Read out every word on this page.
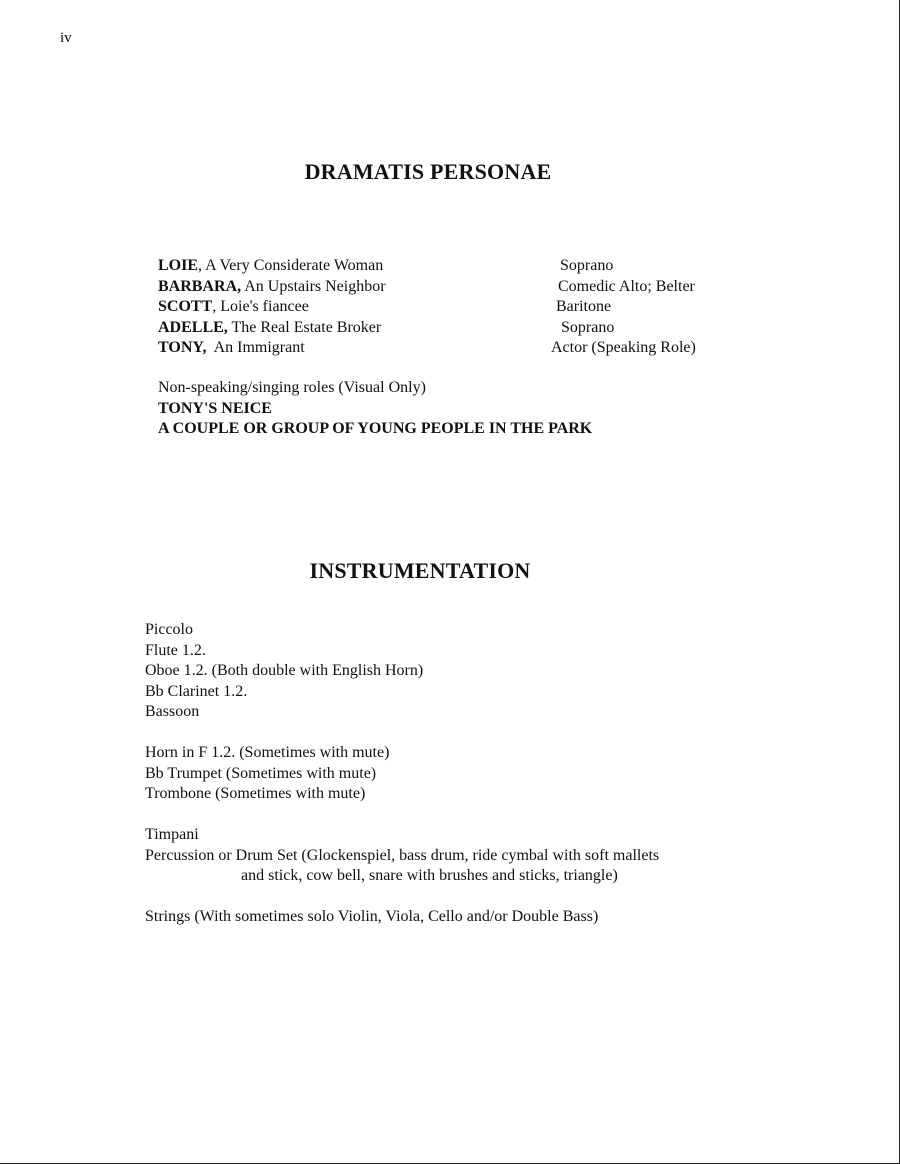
iv
DRAMATIS PERSONAE
LOIE, A Very Considerate Woman	Soprano
BARBARA, An Upstairs Neighbor	Comedic Alto; Belter
SCOTT, Loie's fiancee	Baritone
ADELLE, The Real Estate Broker	Soprano
TONY,  An Immigrant	Actor (Speaking Role)
Non-speaking/singing roles (Visual Only)
TONY'S NEICE
A COUPLE OR GROUP OF YOUNG PEOPLE IN THE PARK
INSTRUMENTATION
Piccolo
Flute 1.2.
Oboe 1.2. (Both double with English Horn)
Bb Clarinet 1.2.
Bassoon
Horn in F 1.2. (Sometimes with mute)
Bb Trumpet (Sometimes with mute)
Trombone (Sometimes with mute)
Timpani
Percussion or Drum Set (Glockenspiel, bass drum, ride cymbal with soft mallets
and stick, cow bell, snare with brushes and sticks, triangle)
Strings (With sometimes solo Violin, Viola, Cello and/or Double Bass)
